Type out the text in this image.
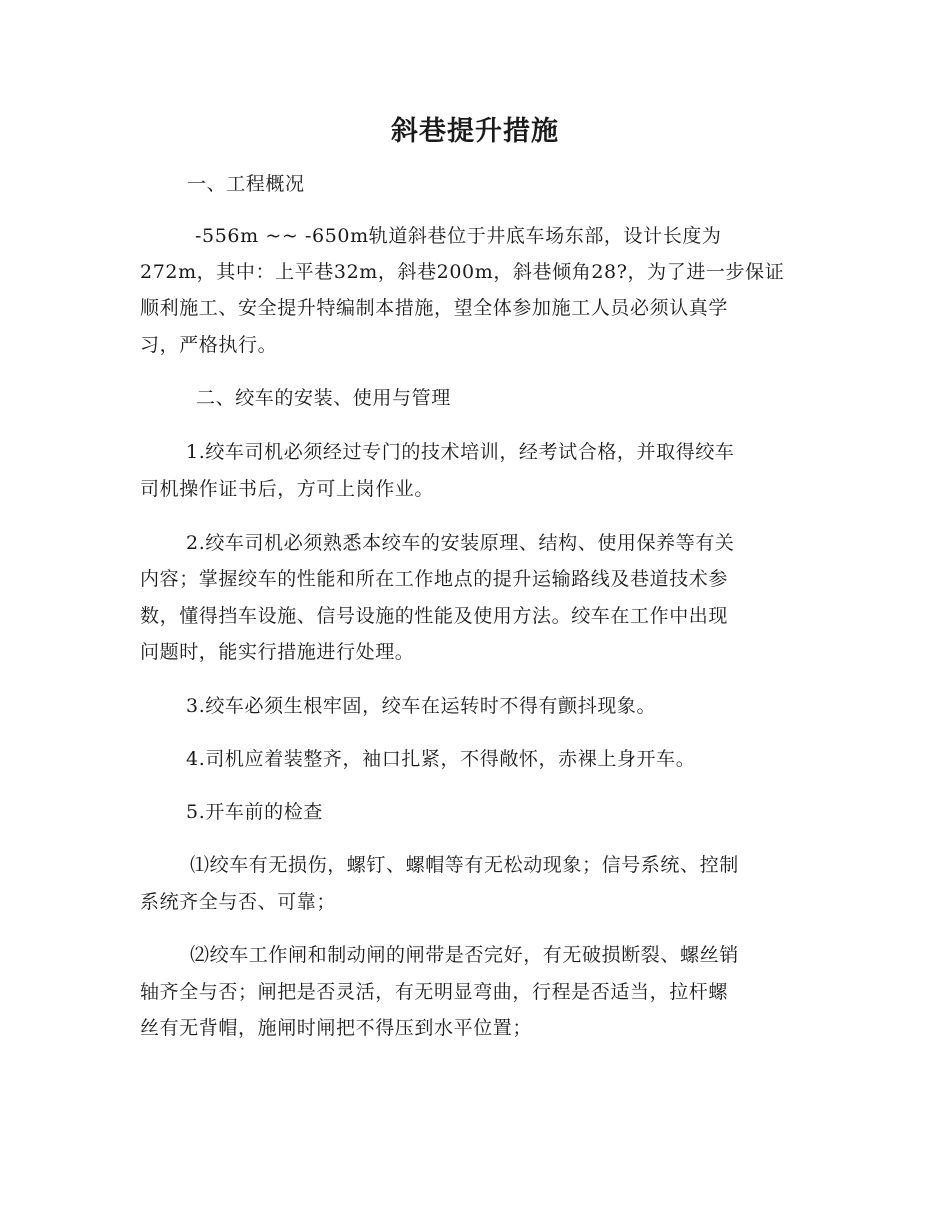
斜巷提升措施
一、工程概况
-556m ~~ -650m轨道斜巷位于井底车场东部，设计长度为
272m，其中：上平巷32m，斜巷200m，斜巷倾角28?，为了进一步保证
顺利施工、安全提升特编制本措施，望全体参加施工人员必须认真学
习，严格执行。
二、绞车的安装、使用与管理
1.绞车司机必须经过专门的技术培训，经考试合格，并取得绞车
司机操作证书后，方可上岗作业。
2.绞车司机必须熟悉本绞车的安装原理、结构、使用保养等有关
内容；掌握绞车的性能和所在工作地点的提升运输路线及巷道技术参
数，懂得挡车设施、信号设施的性能及使用方法。绞车在工作中出现
问题时，能实行措施进行处理。
3.绞车必须生根牢固，绞车在运转时不得有颤抖现象。
4.司机应着装整齐，袖口扎紧，不得敞怀，赤裸上身开车。
5.开车前的检查
⑴绞车有无损伤，螺钉、螺帽等有无松动现象；信号系统、控制
系统齐全与否、可靠；
⑵绞车工作闸和制动闸的闸带是否完好，有无破损断裂、螺丝销
轴齐全与否；闸把是否灵活，有无明显弯曲，行程是否适当，拉杆螺
丝有无背帽，施闸时闸把不得压到水平位置；
